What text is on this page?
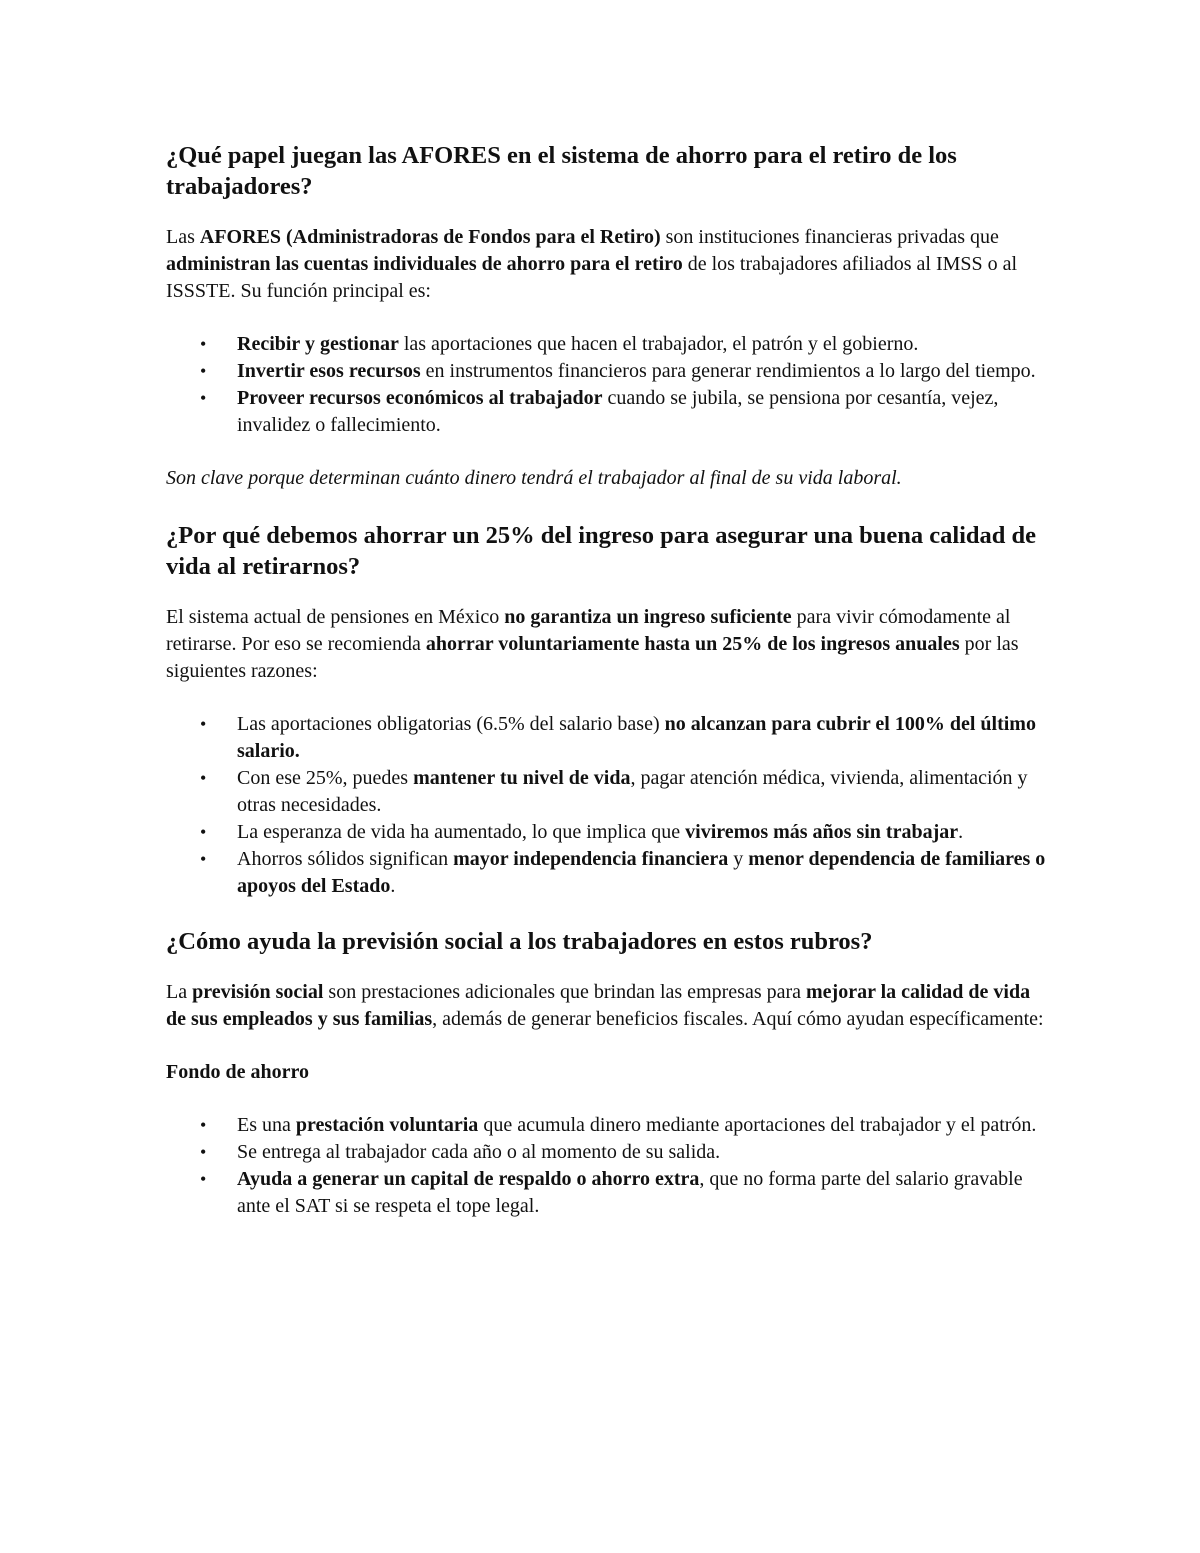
¿Qué papel juegan las AFORES en el sistema de ahorro para el retiro de los trabajadores?

Las AFORES (Administradoras de Fondos para el Retiro) son instituciones financieras privadas que administran las cuentas individuales de ahorro para el retiro de los trabajadores afiliados al IMSS o al ISSSTE. Su función principal es:

• Recibir y gestionar las aportaciones que hacen el trabajador, el patrón y el gobierno.
• Invertir esos recursos en instrumentos financieros para generar rendimientos a lo largo del tiempo.
• Proveer recursos económicos al trabajador cuando se jubila, se pensiona por cesantía, vejez, invalidez o fallecimiento.

Son clave porque determinan cuánto dinero tendrá el trabajador al final de su vida laboral.

¿Por qué debemos ahorrar un 25% del ingreso para asegurar una buena calidad de vida al retirarnos?

El sistema actual de pensiones en México no garantiza un ingreso suficiente para vivir cómodamente al retirarse. Por eso se recomienda ahorrar voluntariamente hasta un 25% de los ingresos anuales por las siguientes razones:

• Las aportaciones obligatorias (6.5% del salario base) no alcanzan para cubrir el 100% del último salario.
• Con ese 25%, puedes mantener tu nivel de vida, pagar atención médica, vivienda, alimentación y otras necesidades.
• La esperanza de vida ha aumentado, lo que implica que viviremos más años sin trabajar.
• Ahorros sólidos significan mayor independencia financiera y menor dependencia de familiares o apoyos del Estado.
¿Cómo ayuda la previsión social a los trabajadores en estos rubros?

La previsión social son prestaciones adicionales que brindan las empresas para mejorar la calidad de vida de sus empleados y sus familias, además de generar beneficios fiscales. Aquí cómo ayudan específicamente:

Fondo de ahorro
• Es una prestación voluntaria que acumula dinero mediante aportaciones del trabajador y el patrón.
• Se entrega al trabajador cada año o al momento de su salida.
• Ayuda a generar un capital de respaldo o ahorro extra, que no forma parte del salario gravable ante el SAT si se respeta el tope legal.
